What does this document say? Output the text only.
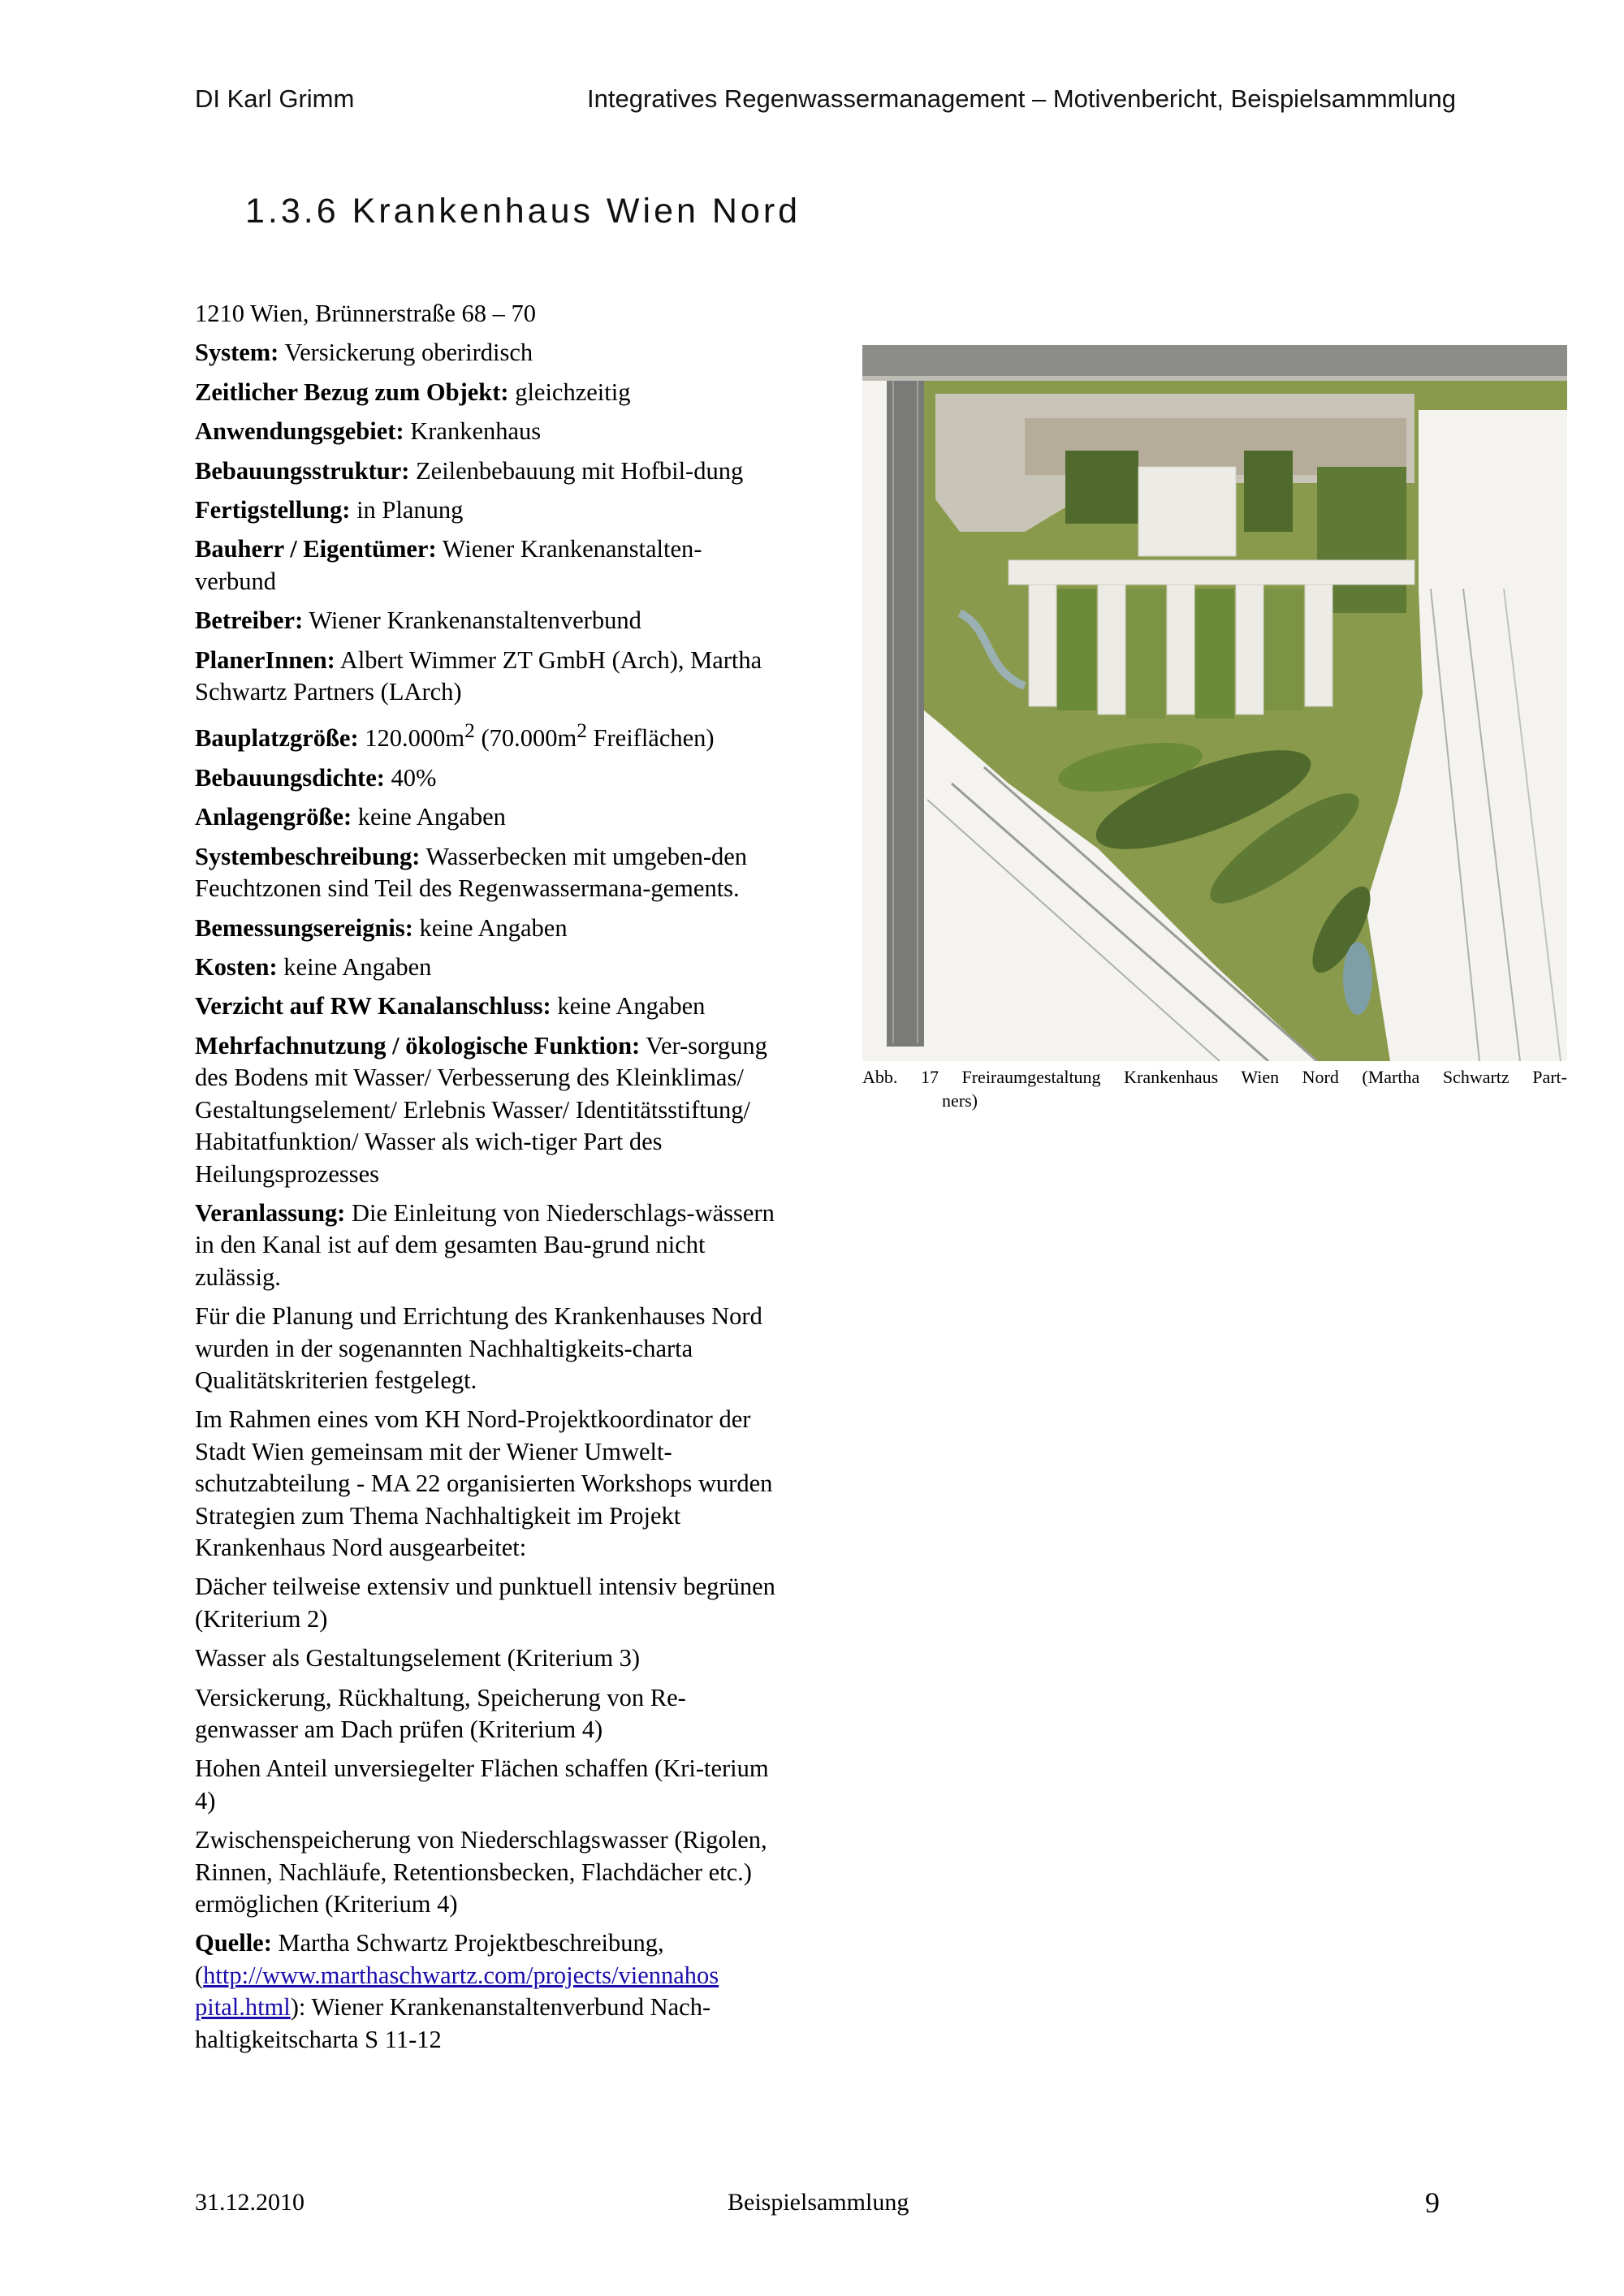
DI Karl Grimm	Integratives Regenwassermanagement – Motivenbericht, Beispielsammmlung
1.3.6 Krankenhaus Wien Nord

1210 Wien, Brünnerstraße 68 – 70

System: Versickerung oberirdisch

Zeitlicher Bezug zum Objekt: gleichzeitig

Anwendungsgebiet: Krankenhaus

Bebauungsstruktur: Zeilenbebauung mit Hofbil-dung

Fertigstellung: in Planung

Bauherr / Eigentümer: Wiener Krankenanstalten-verbund

Betreiber: Wiener Krankenanstaltenverbund

PlanerInnen: Albert Wimmer ZT GmbH (Arch), Martha Schwartz Partners (LArch)

Bauplatzgröße: $120.000m^2$ ($70.000m^2$ Freiflächen)

Bebauungsdichte: 40%

Anlagengröße: keine Angaben

Systembeschreibung: Wasserbecken mit umgeben-den Feuchtzonen sind Teil des Regenwassermana-gements.

Bemessungsereignis: keine Angaben

Kosten: keine Angaben

Verzicht auf RW Kanalanschluss: keine Angaben

Mehrfachnutzung / ökologische Funktion: Ver-sorgung des Bodens mit Wasser/ Verbesserung des Kleinklimas/ Gestaltungselement/ Erlebnis Wasser/ Identitätsstiftung/ Habitatfunktion/ Wasser als wich-tiger Part des Heilungsprozesses

Veranlassung: Die Einleitung von Niederschlags-wässern in den Kanal ist auf dem gesamten Bau-grund nicht zulässig.

Für die Planung und Errichtung des Krankenhauses Nord wurden in der sogenannten Nachhaltigkeits-charta Qualitätskriterien festgelegt.

Im Rahmen eines vom KH Nord-Projektkoordinator der Stadt Wien gemeinsam mit der Wiener Umwelt-schutzabteilung - MA 22 organisierten Workshops wurden Strategien zum Thema Nachhaltigkeit im Projekt Krankenhaus Nord ausgearbeitet:

Dächer teilweise extensiv und punktuell intensiv begrünen (Kriterium 2)

Wasser als Gestaltungselement (Kriterium 3)

Versickerung, Rückhaltung, Speicherung von Re-genwasser am Dach prüfen (Kriterium 4)

Hohen Anteil unversiegelter Flächen schaffen (Kri-terium 4)

Zwischenspeicherung von Niederschlagswasser (Rigolen, Rinnen, Nachläufe, Retentionsbecken, Flachdächer etc.) ermöglichen (Kriterium 4)

Quelle: Martha Schwartz Projektbeschreibung, (http://www.marthaschwartz.com/projects/viennahos pital.html): Wiener Krankenanstaltenverbund Nach-haltigkeitscharta S 11-12

Abb. 17 Freiraumgestaltung Krankenhaus Wien Nord (Martha Schwartz Part-
ners)
31.12.2010	Beispielsammlung	9
